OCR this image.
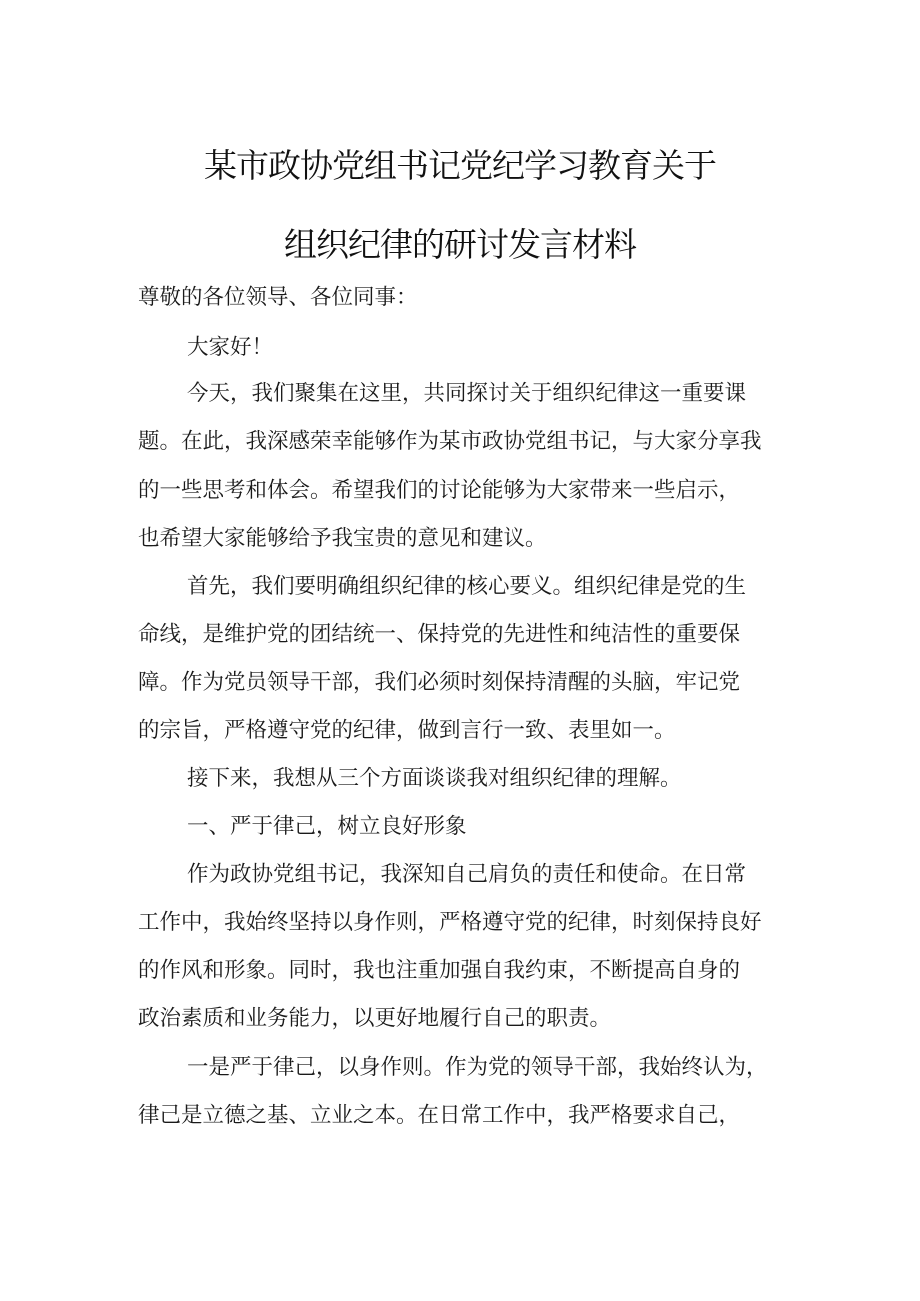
某市政协党组书记党纪学习教育关于
组织纪律的研讨发言材料
尊敬的各位领导、各位同事：
大家好！
今天，我们聚集在这里，共同探讨关于组织纪律这一重要课
题。在此，我深感荣幸能够作为某市政协党组书记，与大家分享我
的一些思考和体会。希望我们的讨论能够为大家带来一些启示，
也希望大家能够给予我宝贵的意见和建议。
首先，我们要明确组织纪律的核心要义。组织纪律是党的生
命线，是维护党的团结统一、保持党的先进性和纯洁性的重要保
障。作为党员领导干部，我们必须时刻保持清醒的头脑，牢记党
的宗旨，严格遵守党的纪律，做到言行一致、表里如一。
接下来，我想从三个方面谈谈我对组织纪律的理解。
一、严于律己，树立良好形象
作为政协党组书记，我深知自己肩负的责任和使命。在日常
工作中，我始终坚持以身作则，严格遵守党的纪律，时刻保持良好
的作风和形象。同时，我也注重加强自我约束，不断提高自身的
政治素质和业务能力，以更好地履行自己的职责。
一是严于律己，以身作则。作为党的领导干部，我始终认为，
律己是立德之基、立业之本。在日常工作中，我严格要求自己，
